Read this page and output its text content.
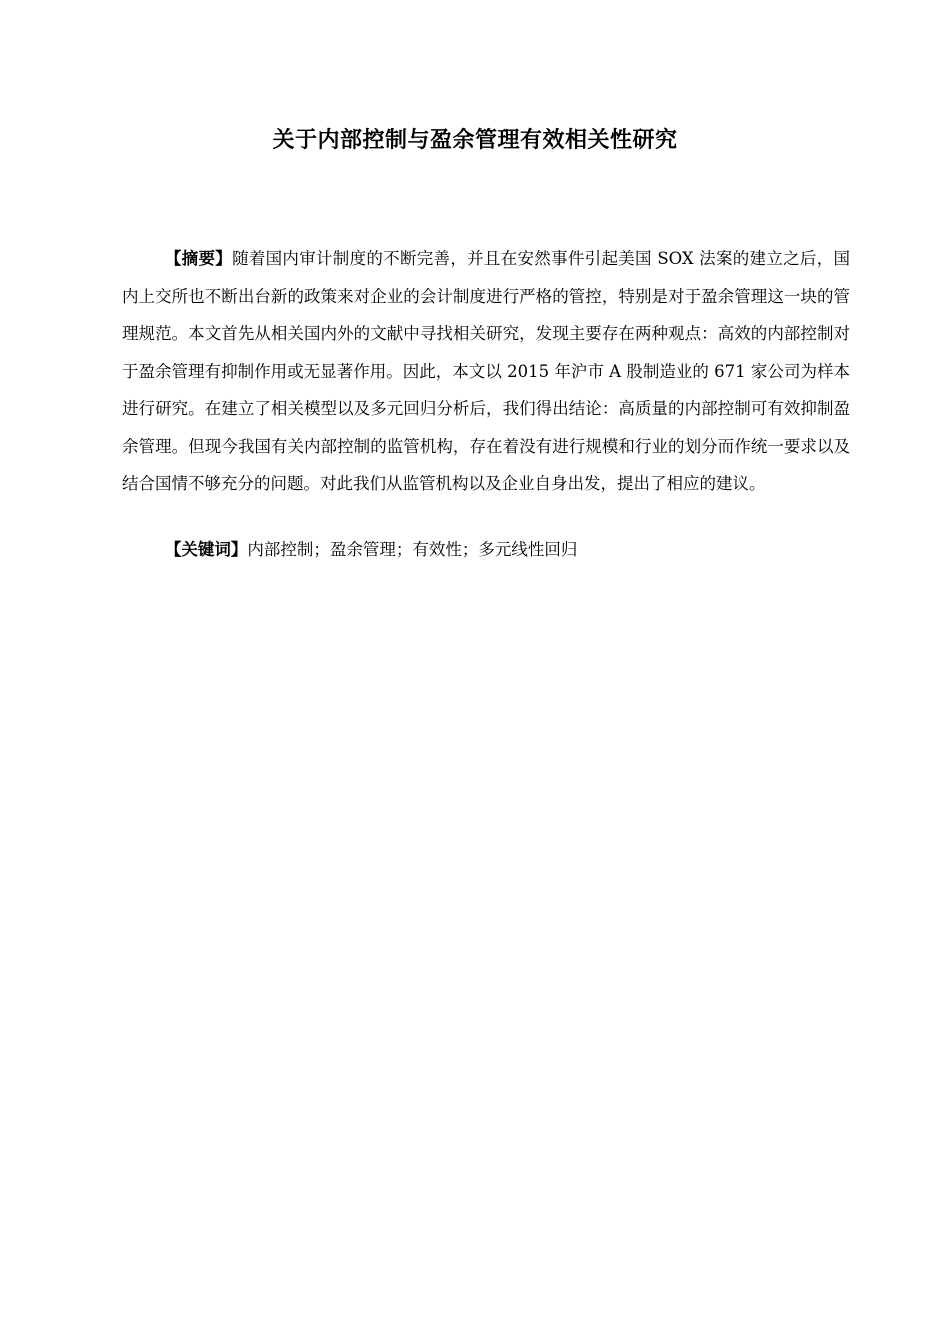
关于内部控制与盈余管理有效相关性研究

【摘要】随着国内审计制度的不断完善，并且在安然事件引起美国 SOX 法案的建立之后，国内上交所也不断出台新的政策来对企业的会计制度进行严格的管控，特别是对于盈余管理这一块的管理规范。本文首先从相关国内外的文献中寻找相关研究，发现主要存在两种观点：高效的内部控制对于盈余管理有抑制作用或无显著作用。因此，本文以 2015 年沪市 A 股制造业的 671 家公司为样本进行研究。在建立了相关模型以及多元回归分析后，我们得出结论：高质量的内部控制可有效抑制盈余管理。但现今我国有关内部控制的监管机构，存在着没有进行规模和行业的划分而作统一要求以及结合国情不够充分的问题。对此我们从监管机构以及企业自身出发，提出了相应的建议。

【关键词】内部控制；盈余管理；有效性；多元线性回归
